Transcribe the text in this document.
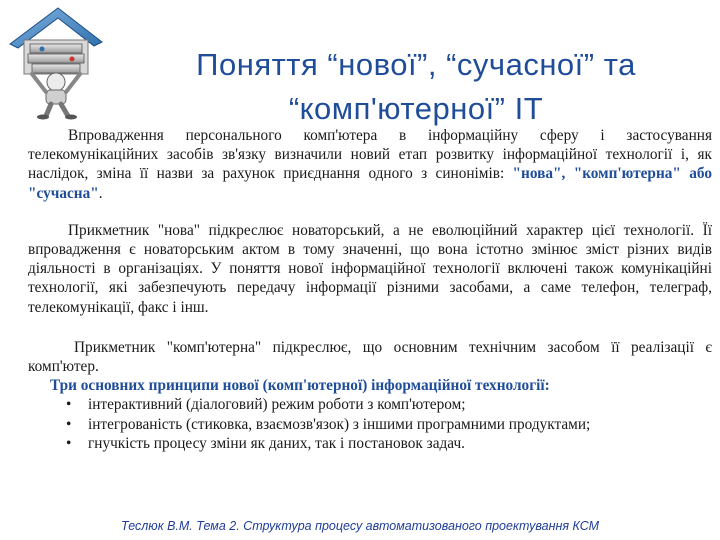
Поняття “нової”, “сучасної” та
“комп'ютерної” ІТ

Впровадження персонального комп'ютера в інформаційну сферу і застосування телекомунікаційних засобів зв'язку визначили новий етап розвитку інформаційної технології і, як наслідок, зміна її назви за рахунок приєднання одного з синонімів: "нова", "комп'ютерна" або "сучасна".

Прикметник "нова" підкреслює новаторський, а не еволюційний характер цієї технології. Її впровадження є новаторським актом в тому значенні, що вона істотно змінює зміст різних видів діяльності в організаціях. У поняття нової інформаційної технології включені також комунікаційні технології, які забезпечують передачу інформації різними засобами, а саме телефон, телеграф, телекомунікації, факс і інш.

Прикметник "комп'ютерна" підкреслює, що основним технічним засобом її реалізації є комп'ютер.

Три основних принципи нової (комп'ютерної) інформаційної технології:

• інтерактивний (діалоговий) режим роботи з комп'ютером;
• інтегрованість (стиковка, взаємозв'язок) з іншими програмними продуктами;
• гнучкість процесу зміни як даних, так і постановок задач.
Теслюк В.М. Тема 2. Структура процесу автоматизованого проектування КСМ
